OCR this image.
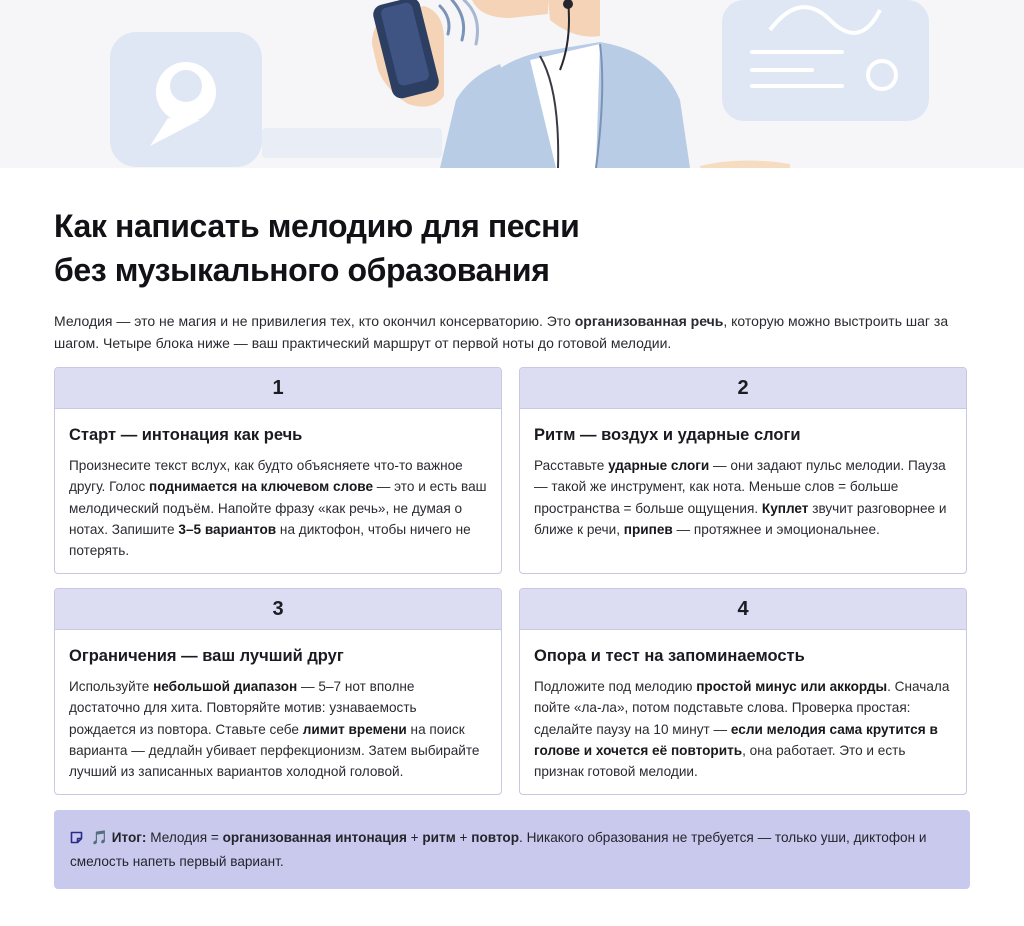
Как написать мелодию для песни
без музыкального образования

Мелодия — это не магия и не привилегия тех, кто окончил консерваторию. Это организованная речь, которую можно выстроить шаг за шагом. Четыре блока ниже — ваш практический маршрут от первой ноты до готовой мелодии.

1
Старт — интонация как речь
Произнесите текст вслух, как будто объясняете что-то важное другу. Голос поднимается на ключевом слове — это и есть ваш мелодический подъём. Напойте фразу «как речь», не думая о нотах. Запишите 3–5 вариантов на диктофон, чтобы ничего не потерять.
2
Ритм — воздух и ударные слоги
Расставьте ударные слоги — они задают пульс мелодии. Пауза — такой же инструмент, как нота. Меньше слов = больше пространства = больше ощущения. Куплет звучит разговорнее и ближе к речи, припев — протяжнее и эмоциональнее.
3
Ограничения — ваш лучший друг
Используйте небольшой диапазон — 5–7 нот вполне достаточно для хита. Повторяйте мотив: узнаваемость рождается из повтора. Ставьте себе лимит времени на поиск варианта — дедлайн убивает перфекционизм. Затем выбирайте лучший из записанных вариантов холодной головой.
4
Опора и тест на запоминаемость
Подложите под мелодию простой минус или аккорды. Сначала пойте «ла-ла», потом подставьте слова. Проверка простая: сделайте паузу на 10 минут — если мелодия сама крутится в голове и хочется её повторить, она работает. Это и есть признак готовой мелодии.
🎵 Итог: Мелодия = организованная интонация + ритм + повтор. Никакого образования не требуется — только уши, диктофон и смелость напеть первый вариант.
